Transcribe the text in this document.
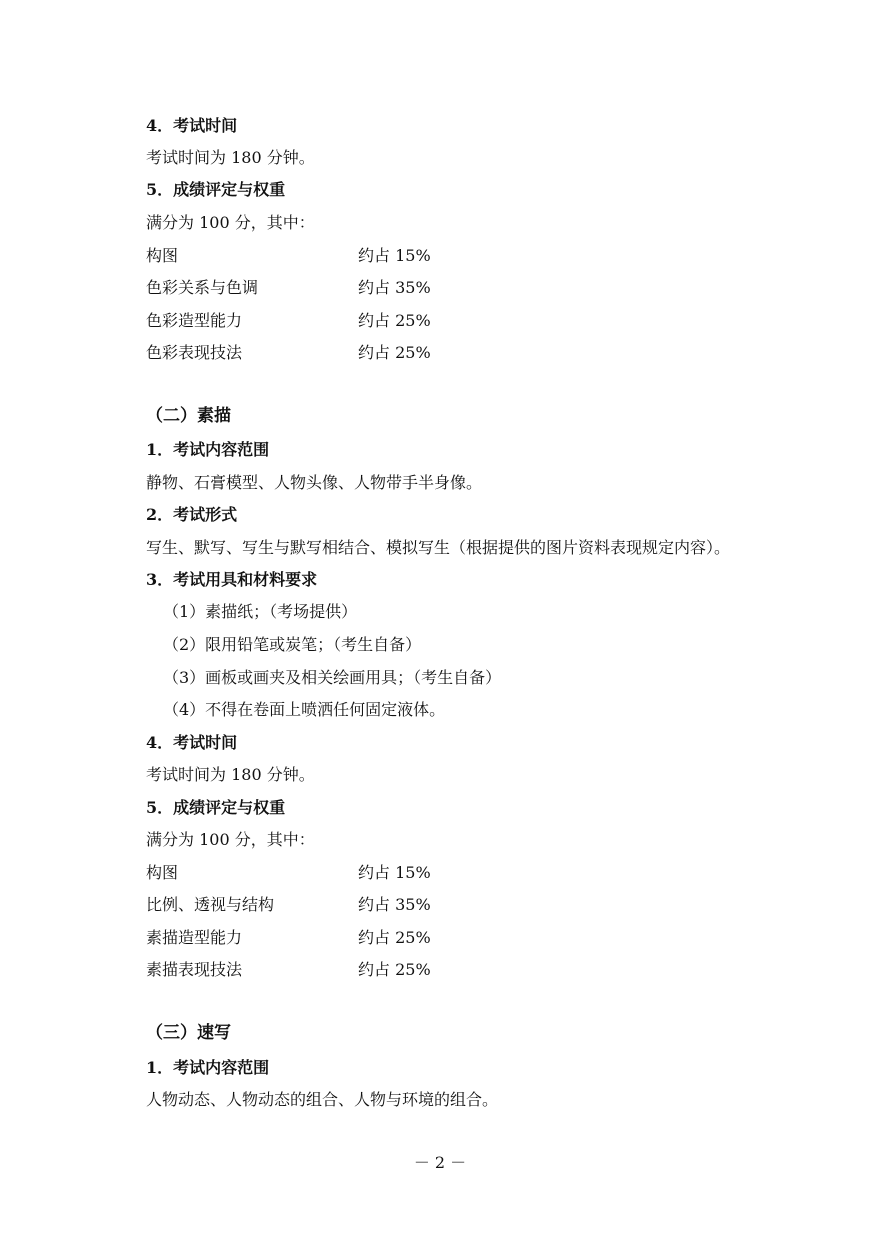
4．考试时间
考试时间为 180 分钟。
5．成绩评定与权重
满分为 100 分，其中：
构图	约占 15%
色彩关系与色调	约占 35%
色彩造型能力	约占 25%
色彩表现技法	约占 25%
（二）素描
1．考试内容范围
静物、石膏模型、人物头像、人物带手半身像。
2．考试形式
写生、默写、写生与默写相结合、模拟写生（根据提供的图片资料表现规定内容）。
3．考试用具和材料要求
（1）素描纸；（考场提供）
（2）限用铅笔或炭笔；（考生自备）
（3）画板或画夹及相关绘画用具；（考生自备）
（4）不得在卷面上喷洒任何固定液体。
4．考试时间
考试时间为 180 分钟。
5．成绩评定与权重
满分为 100 分，其中：
构图	约占 15%
比例、透视与结构	约占 35%
素描造型能力	约占 25%
素描表现技法	约占 25%
（三）速写
1．考试内容范围
人物动态、人物动态的组合、人物与环境的组合。
－ 2 －
